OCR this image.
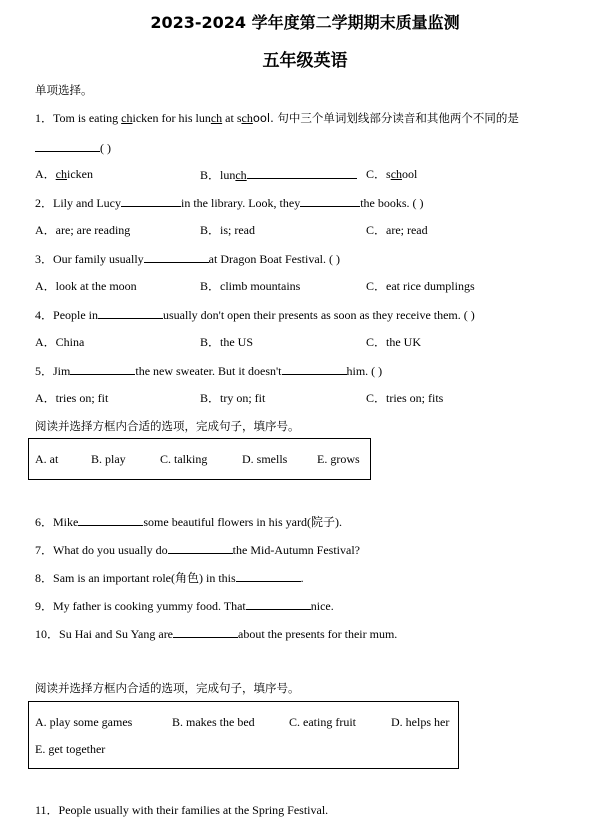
2023-2024 学年度第二学期期末质量监测
五年级英语
单项选择。
1．Tom is eating chicken for his lunch at school. 句中三个单词划线部分读音和其他两个不同的是
( )
A．chicken	B．lunch	C．school
2．Lily and Lucy	in the library. Look, they	the books. ( )
A．are; are reading	B．is; read	C．are; read
3．Our family usually	at Dragon Boat Festival. ( )
A．look at the moon	B．climb mountains	C．eat rice dumplings
4．People in	usually don't open their presents as soon as they receive them. ( )
A．China	B．the US	C．the UK
5．Jim	the new sweater. But it doesn't	him. ( )
A．tries on; fit	B．try on; fit	C．tries on; fits
阅读并选择方框内合适的选项，完成句子，填序号。
A. at	B. play	C. talking	D. smells E. grows
6．Mike	some beautiful flowers in his yard(院子).
7．What do you usually do	the Mid-Autumn Festival?
8．Sam is an important role(角色) in this	.
9．My father is cooking yummy food. That	nice.
10．Su Hai and Su Yang are	about the presents for their mum.
阅读并选择方框内合适的选项，完成句子，填序号。
A. play some games	B. makes the bed	C. eating fruit	D. helps her
E. get together
11．People usually with their families at the Spring Festival.
